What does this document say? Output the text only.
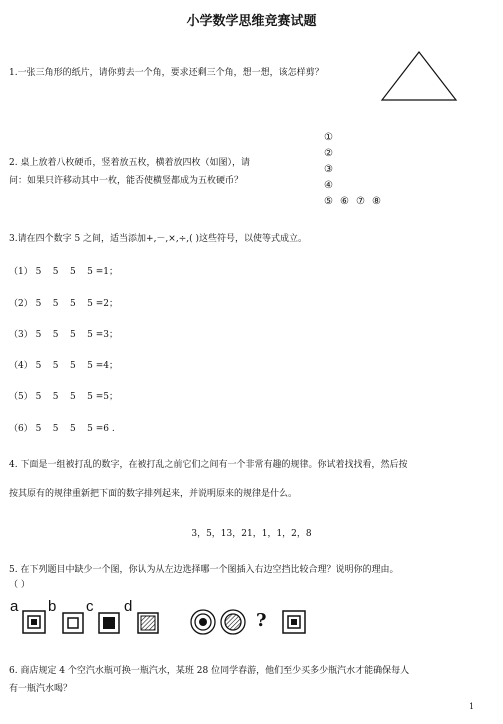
小学数学思维竞赛试题
1.一张三角形的纸片，请你剪去一个角，要求还剩三个角，想一想，该怎样剪？
2. 桌上放着八枚硬币，竖着放五枚，横着放四枚（如图），请
问：如果只许移动其中一枚，能否使横竖都成为五枚硬币？
①
②
③
④
⑤ ⑥ ⑦ ⑧
3.请在四个数字 5 之间，适当添加+,－,×,÷,( )这些符号，以使等式成立。
（1） 5    5    5    5 =1；
（2） 5    5    5    5 =2；
（3） 5    5    5    5 =3；
（4） 5    5    5    5 =4；
（5） 5    5    5    5 =5；
（6） 5    5    5    5 =6 .
4. 下面是一组被打乱的数字，在被打乱之前它们之间有一个非常有趣的规律。你试着找找看，然后按
按其原有的规律重新把下面的数字排列起来，并说明原来的规律是什么。
3，5，13，21，1，1，2，8
5. 在下列题目中缺少一个图，你认为从左边选择哪一个图插入右边空挡比较合理？说明你的理由。
（ ）
a b c d
?
6. 商店规定 4 个空汽水瓶可换一瓶汽水，某班 28 位同学春游，他们至少买多少瓶汽水才能确保每人
有一瓶汽水喝？
1
